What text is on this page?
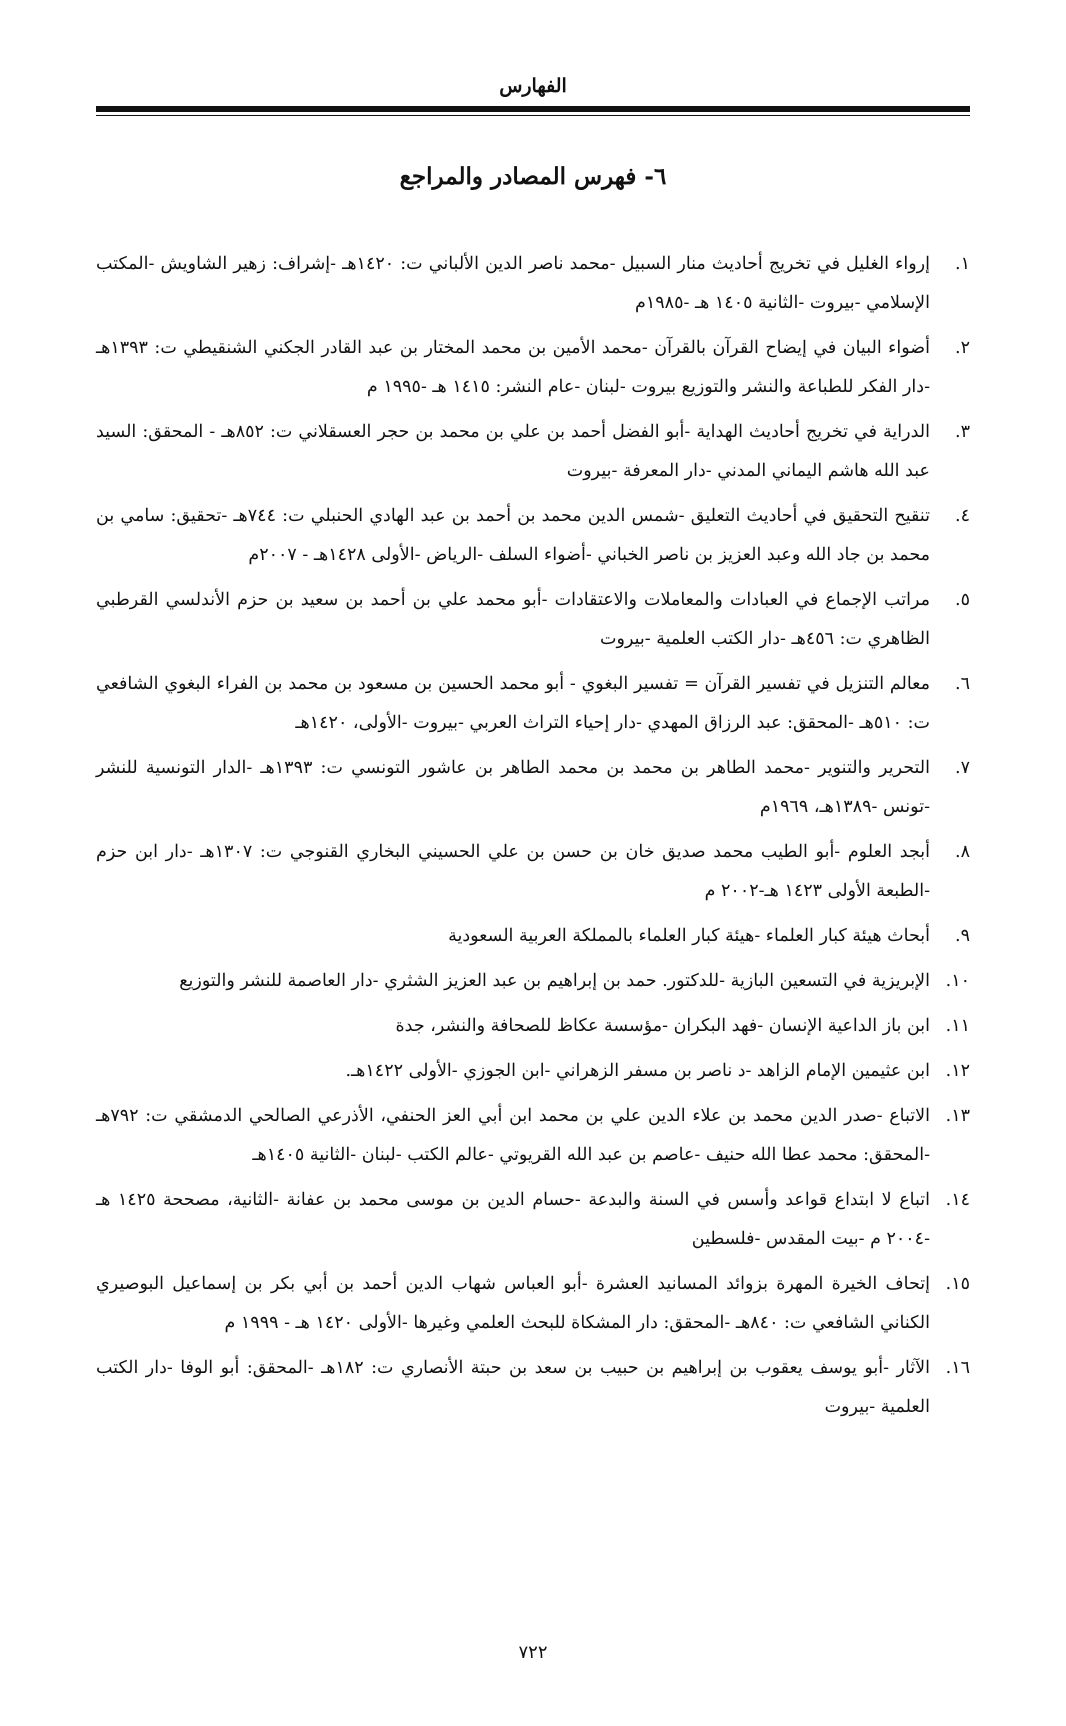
الفهارس
٦- فهرس المصادر والمراجع
١.
إرواء الغليل في تخريج أحاديث منار السبيل -محمد ناصر الدين الألباني ت: ١٤٢٠هـ -إشراف: زهير الشاويش -المكتب الإسلامي -بيروت -الثانية ١٤٠٥ هـ -١٩٨٥م
٢.
أضواء البيان في إيضاح القرآن بالقرآن -محمد الأمين بن محمد المختار بن عبد القادر الجكني الشنقيطي ت: ١٣٩٣هـ -دار الفكر للطباعة والنشر والتوزيع بيروت -لبنان -عام النشر: ١٤١٥ هـ -١٩٩٥ م
٣.
الدراية في تخريج أحاديث الهداية -أبو الفضل أحمد بن علي بن محمد بن حجر العسقلاني ت: ٨٥٢هـ - المحقق: السيد عبد الله هاشم اليماني المدني -دار المعرفة -بيروت
٤.
تنقيح التحقيق في أحاديث التعليق -شمس الدين محمد بن أحمد بن عبد الهادي الحنبلي ت: ٧٤٤هـ -تحقيق: سامي بن محمد بن جاد الله وعبد العزيز بن ناصر الخباني -أضواء السلف -الرياض -الأولى ١٤٢٨هـ - ٢٠٠٧م
٥.
مراتب الإجماع في العبادات والمعاملات والاعتقادات -أبو محمد علي بن أحمد بن سعيد بن حزم الأندلسي القرطبي الظاهري ت: ٤٥٦هـ -دار الكتب العلمية -بيروت
٦.
معالم التنزيل في تفسير القرآن = تفسير البغوي - أبو محمد الحسين بن مسعود بن محمد بن الفراء البغوي الشافعي ت: ٥١٠هـ -المحقق: عبد الرزاق المهدي -دار إحياء التراث العربي -بيروت -الأولى، ١٤٢٠هـ
٧.
التحرير والتنوير -محمد الطاهر بن محمد بن محمد الطاهر بن عاشور التونسي ت: ١٣٩٣هـ -الدار التونسية للنشر -تونس -١٣٨٩هـ، ١٩٦٩م
٨.
أبجد العلوم -أبو الطيب محمد صديق خان بن حسن بن علي الحسيني البخاري القنوجي ت: ١٣٠٧هـ -دار ابن حزم -الطبعة الأولى ١٤٢٣ هـ-٢٠٠٢ م
٩.
أبحاث هيئة كبار العلماء -هيئة كبار العلماء بالمملكة العربية السعودية
١٠.
الإبريزية في التسعين البازية -للدكتور. حمد بن إبراهيم بن عبد العزيز الشثري -دار العاصمة للنشر والتوزيع
١١.
ابن باز الداعية الإنسان -فهد البكران -مؤسسة عكاظ للصحافة والنشر، جدة
١٢.
ابن عثيمين الإمام الزاهد -د ناصر بن مسفر الزهراني -ابن الجوزي -الأولى ١٤٢٢هـ.
١٣.
الاتباع -صدر الدين محمد بن علاء الدين علي بن محمد ابن أبي العز الحنفي، الأذرعي الصالحي الدمشقي ت: ٧٩٢هـ -المحقق: محمد عطا الله حنيف -عاصم بن عبد الله القريوتي -عالم الكتب -لبنان -الثانية ١٤٠٥هـ
١٤.
اتباع لا ابتداع قواعد وأسس في السنة والبدعة -حسام الدين بن موسى محمد بن عفانة -الثانية، مصححة ١٤٢٥ هـ -٢٠٠٤ م -بيت المقدس -فلسطين
١٥.
إتحاف الخيرة المهرة بزوائد المسانيد العشرة -أبو العباس شهاب الدين أحمد بن أبي بكر بن إسماعيل البوصيري الكناني الشافعي ت: ٨٤٠هـ -المحقق: دار المشكاة للبحث العلمي وغيرها -الأولى ١٤٢٠ هـ - ١٩٩٩ م
١٦.
الآثار -أبو يوسف يعقوب بن إبراهيم بن حبيب بن سعد بن حبتة الأنصاري ت: ١٨٢هـ -المحقق: أبو الوفا -دار الكتب العلمية -بيروت
٧٢٢
